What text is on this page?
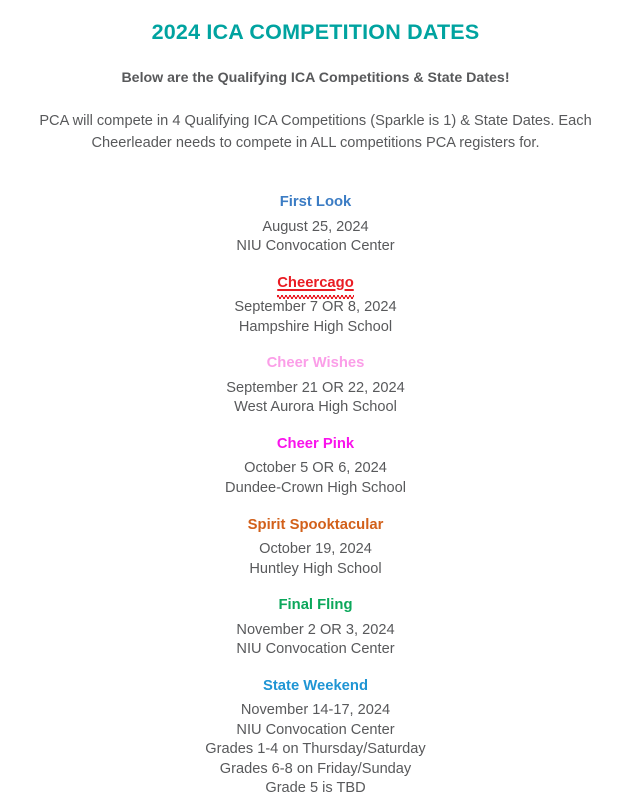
2024 ICA COMPETITION DATES

Below are the Qualifying ICA Competitions & State Dates!

PCA will compete in 4 Qualifying ICA Competitions (Sparkle is 1) & State Dates. Each Cheerleader needs to compete in ALL competitions PCA registers for.

First Look
August 25, 2024
NIU Convocation Center
Cheercago
September 7 OR 8, 2024
Hampshire High School
Cheer Wishes
September 21 OR 22, 2024
West Aurora High School
Cheer Pink
October 5 OR 6, 2024
Dundee-Crown High School
Spirit Spooktacular
October 19, 2024
Huntley High School
Final Fling
November 2 OR 3, 2024
NIU Convocation Center
State Weekend
November 14-17, 2024
NIU Convocation Center
Grades 1-4 on Thursday/Saturday
Grades 6-8 on Friday/Sunday
Grade 5 is TBD
